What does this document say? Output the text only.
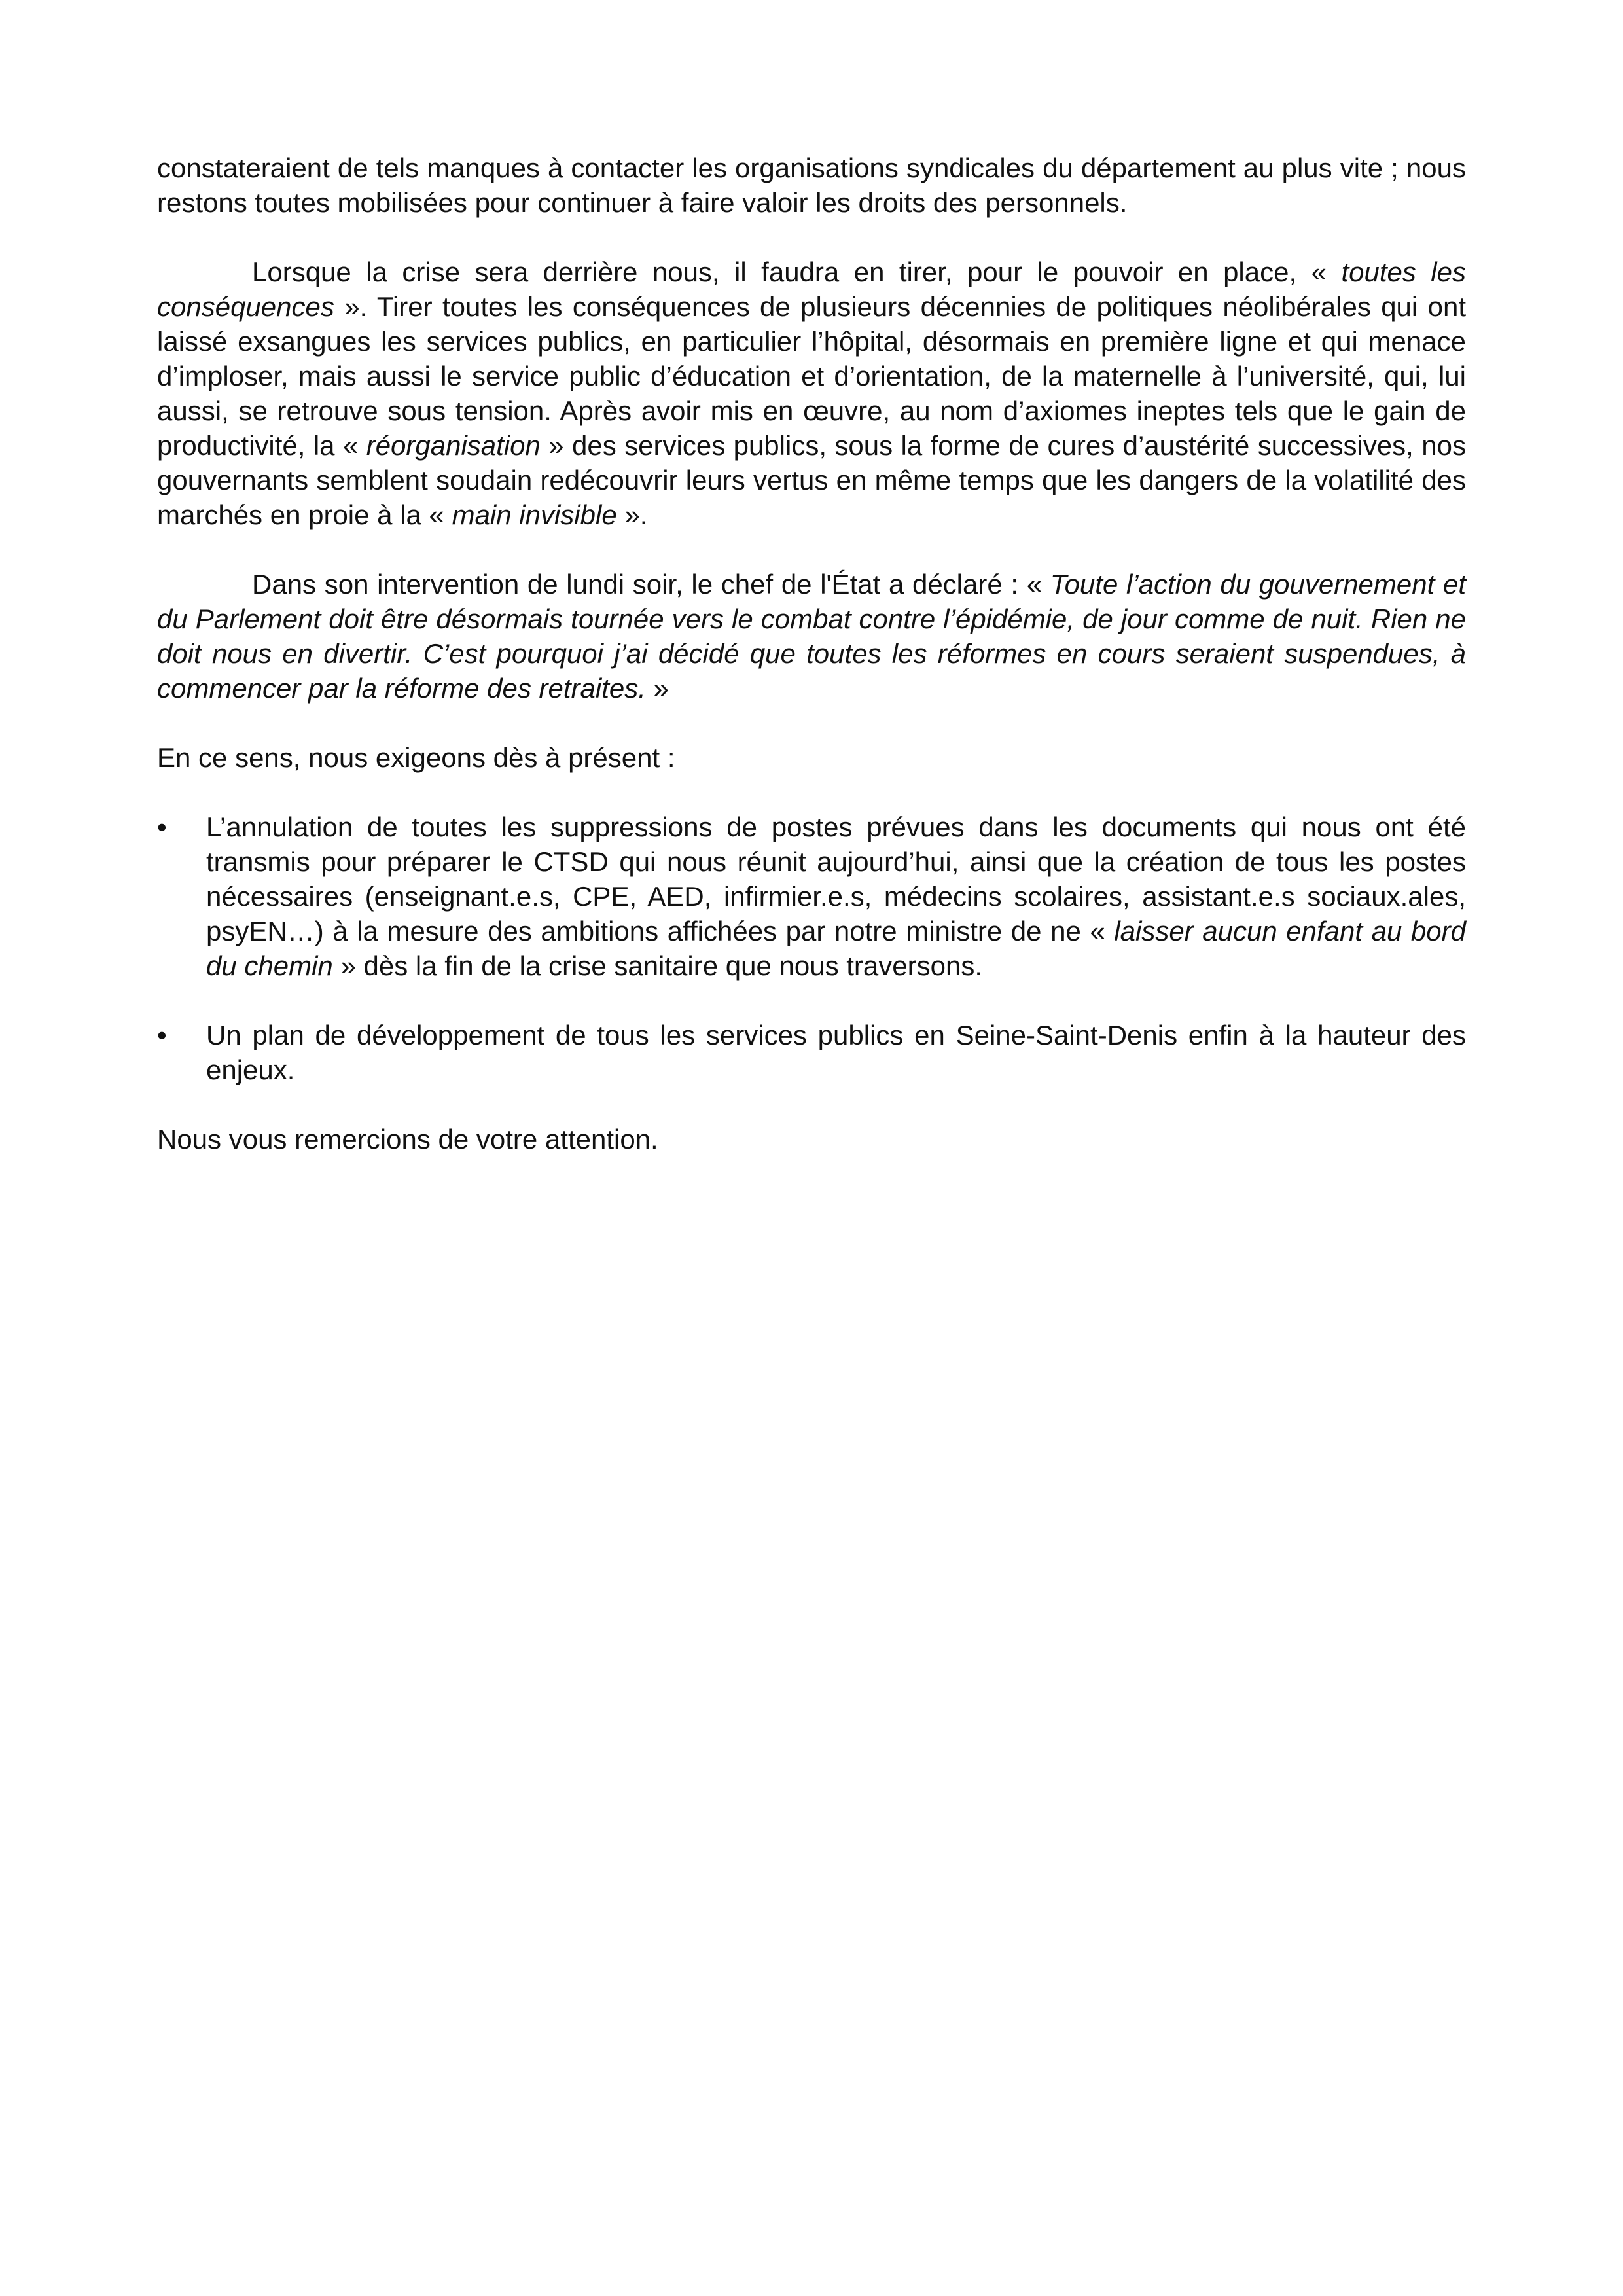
constateraient de tels manques à contacter les organisations syndicales du département au plus vite ; nous restons toutes mobilisées pour continuer à faire valoir les droits des personnels.

Lorsque la crise sera derrière nous, il faudra en tirer, pour le pouvoir en place, « toutes les conséquences ». Tirer toutes les conséquences de plusieurs décennies de politiques néolibérales qui ont laissé exsangues les services publics, en particulier l’hôpital, désormais en première ligne et qui menace d’imploser, mais aussi le service public d’éducation et d’orientation, de la maternelle à l’université, qui, lui aussi, se retrouve sous tension. Après avoir mis en œuvre, au nom d’axiomes ineptes tels que le gain de productivité, la « réorganisation » des services publics, sous la forme de cures d’austérité successives, nos gouvernants semblent soudain redécouvrir leurs vertus en même temps que les dangers de la volatilité des marchés en proie à la « main invisible ».

Dans son intervention de lundi soir, le chef de l'État a déclaré : « Toute l’action du gouvernement et du Parlement doit être désormais tournée vers le combat contre l’épidémie, de jour comme de nuit. Rien ne doit nous en divertir. C’est pourquoi j’ai décidé que toutes les réformes en cours seraient suspendues, à commencer par la réforme des retraites. »

En ce sens, nous exigeons dès à présent :

• L’annulation de toutes les suppressions de postes prévues dans les documents qui nous ont été transmis pour préparer le CTSD qui nous réunit aujourd’hui, ainsi que la création de tous les postes nécessaires (enseignant.e.s, CPE, AED, infirmier.e.s, médecins scolaires, assistant.e.s sociaux.ales, psyEN…) à la mesure des ambitions affichées par notre ministre de ne « laisser aucun enfant au bord du chemin » dès la fin de la crise sanitaire que nous traversons.
• Un plan de développement de tous les services publics en Seine-Saint-Denis enfin à la hauteur des enjeux.

Nous vous remercions de votre attention.
